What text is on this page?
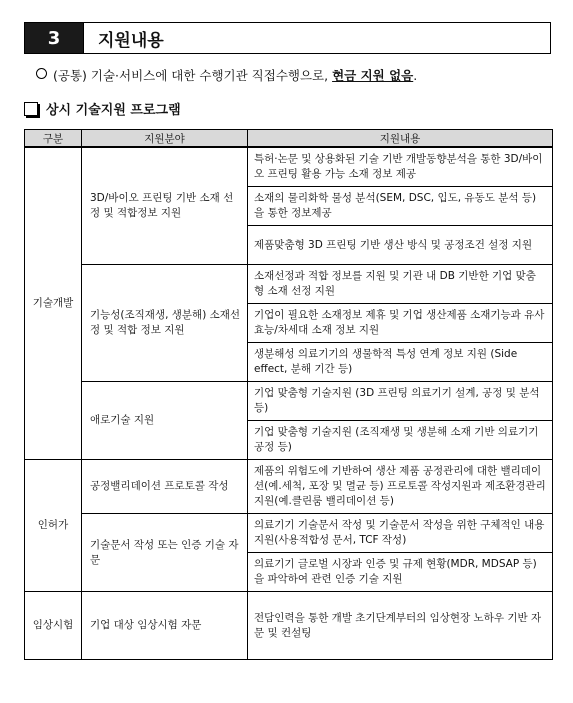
3	지원내용
(공통) 기술·서비스에 대한 수행기관 직접수행으로, 현금 지원 없음.
상시 기술지원 프로그램
구분	지원분야	지원내용
기술개발	3D/바이오 프린팅 기반 소재 선정 및 적합정보 지원	특허·논문 및 상용화된 기술 기반 개발동향분석을 통한 3D/바이오 프린팅 활용 가능 소재 정보 제공
		소재의 물리화학 물성 분석(SEM, DSC, 입도, 유동도 분석 등)을 통한 정보제공
		제품맞춤형 3D 프린팅 기반 생산 방식 및 공정조건 설정 지원
	기능성(조직재생, 생분해) 소재선정 및 적합 정보 지원	소재선정과 적합 정보를 지원 및 기관 내 DB 기반한 기업 맞춤형 소재 선정 지원
		기업이 필요한 소재정보 제휴 및 기업 생산제품 소재기능과 유사효능/차세대 소재 정보 지원
		생분해성 의료기기의 생물학적 특성 연계 정보 지원 (Side effect, 분해 기간 등)
	애로기술 지원	기업 맞춤형 기술지원 (3D 프린팅 의료기기 설계, 공정 및 분석 등)
		기업 맞춤형 기술지원 (조직재생 및 생분해 소재 기반 의료기기 공정 등)
인허가	공정밸리데이션 프로토콜 작성	제품의 위험도에 기반하여 생산 제품 공정관리에 대한 밸리데이션(예.세척, 포장 및 멸균 등) 프로토콜 작성지원과 제조환경관리 지원(예.클린룸 밸리데이션 등)
	기술문서 작성 또는 인증 기술 자문	의료기기 기술문서 작성 및 기술문서 작성을 위한 구체적인 내용 지원(사용적합성 문서, TCF 작성)
		의료기기 글로벌 시장과 인증 및 규제 현황(MDR, MDSAP 등)을 파악하여 관련 인증 기술 지원
임상시험	기업 대상 임상시험 자문	전담인력을 통한 개발 초기단계부터의 임상현장 노하우 기반 자문 및 컨설팅
